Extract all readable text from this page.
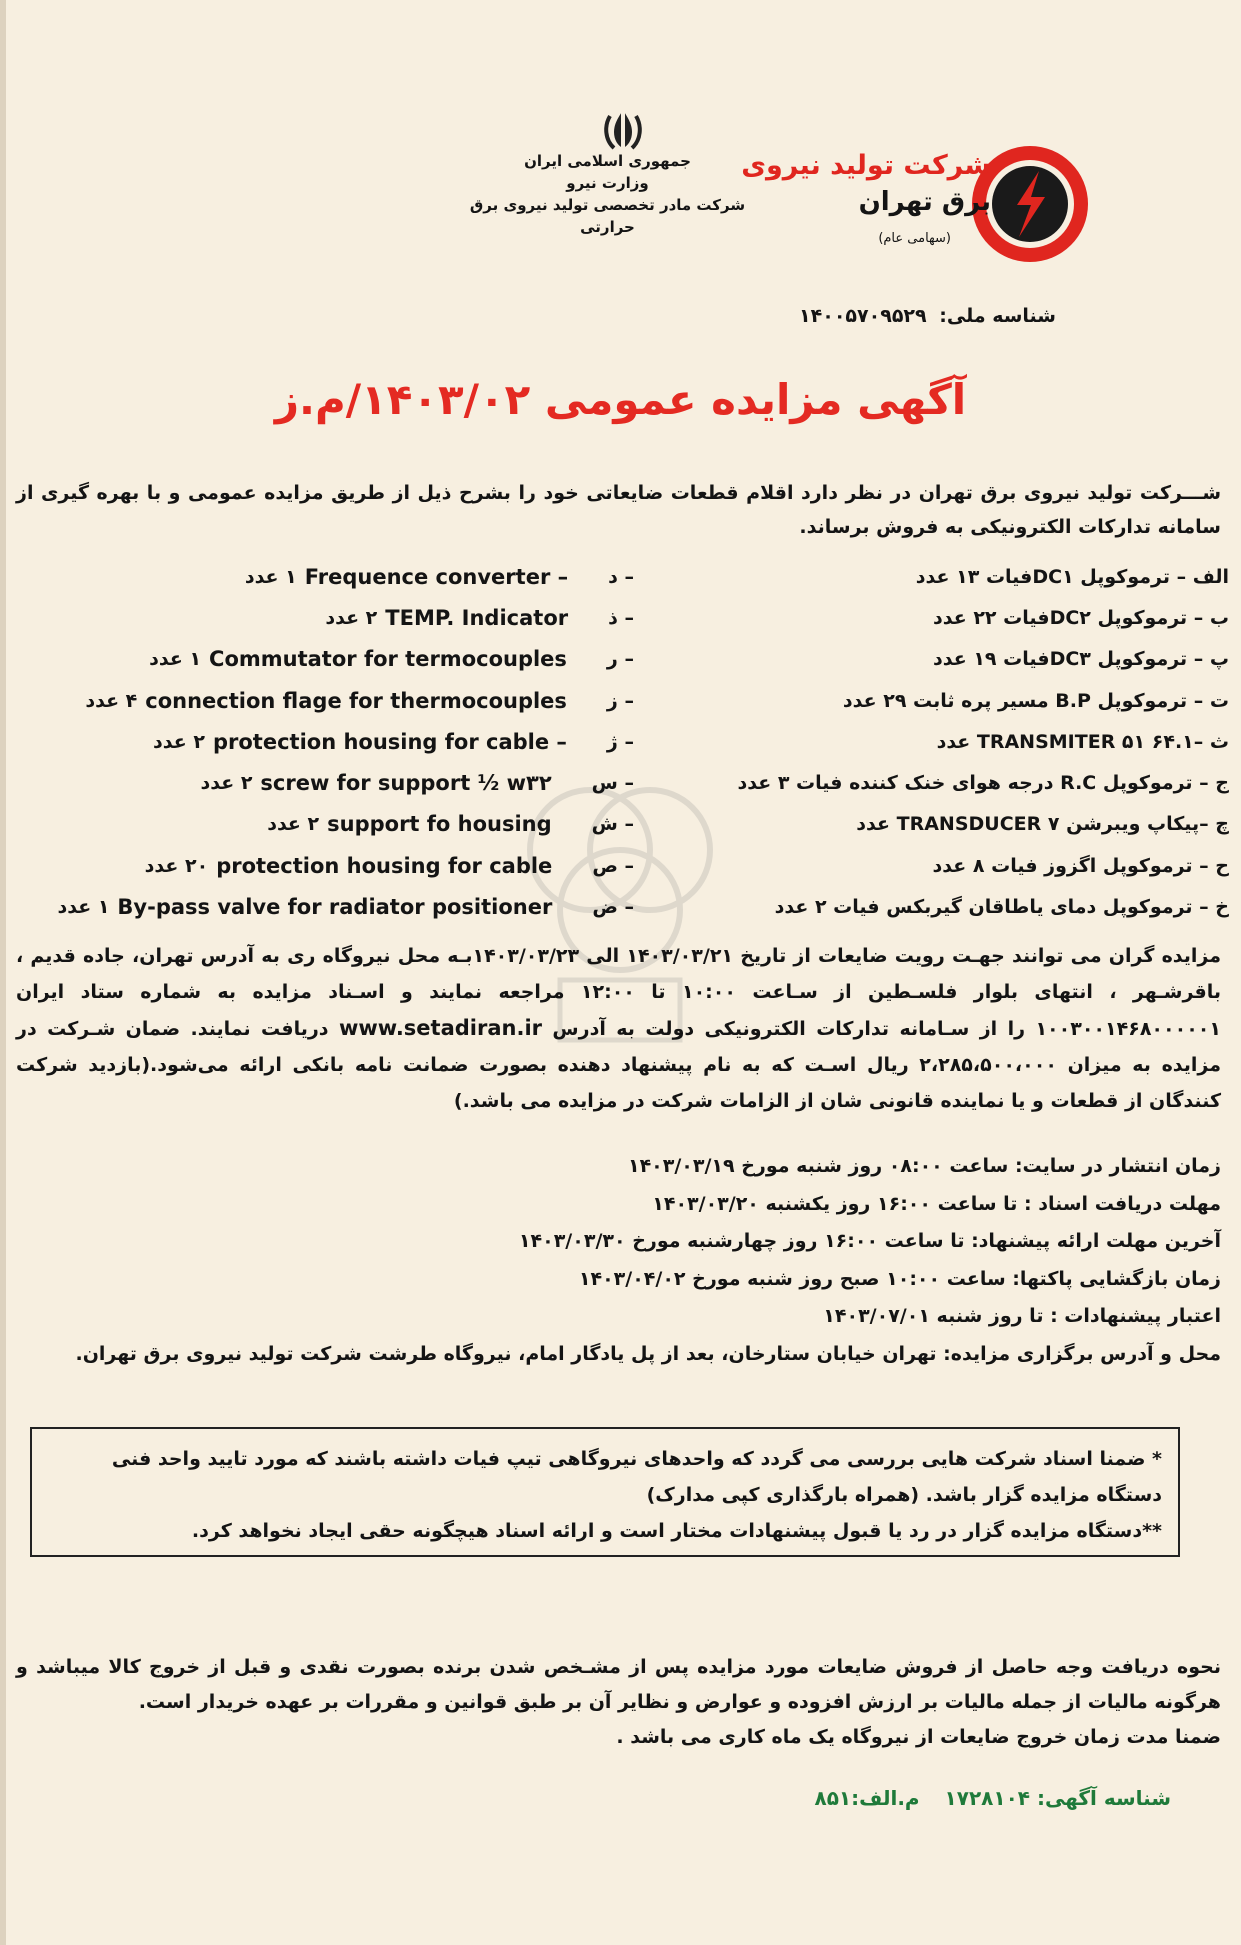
شرکت تولید نیروی
برق تهران
(سهامی عام)
جمهوری اسلامی ایران
وزارت نیرو
شرکت مادر تخصصی تولید نیروی برق حرارتی
شناسه ملی: ۱۴۰۰۵۷۰۹۵۲۹
آگهی مزایده عمومی ۱۴۰۳/۰۲/م.ز
شـــرکت تولید نیروی برق تهران در نظر دارد اقلام قطعات ضایعاتی خود را بشرح ذیل از طریق مزایده عمومی و با بهره گیری از سامانه تدارکات الکترونیکی به فروش برساند.
الف – ترموکوپل DC۱فیات ۱۳ عدد
ب – ترموکوپل DC۲فیات ۲۲ عدد
پ – ترموکوپل DC۳فیات ۱۹ عدد
ت – ترموکوپل B.P مسیر پره ثابت ۲۹ عدد
ث –۶۴.۱ TRANSMITER ۵۱ عدد
ج – ترموکوپل R.C درجه هوای خنک کننده فیات ۳ عدد
چ –پیکاپ ویبرشن TRANSDUCER ۷ عدد
ح – ترموکوپل اگزوز فیات ۸ عدد
خ – ترموکوپل دمای یاطاقان گیربکس فیات ۲ عدد
۱ عدد Frequence converter – د –
۲ عدد TEMP. Indicator ذ –
۱ عدد Commutator for termocouples ر –
۴ عدد connection flage for thermocouples ز –
۲ عدد protection housing for cable – ژ –
۲ عدد screw for support ½ w۳۲ س –
۲ عدد support fo housing ش –
۲۰ عدد protection housing for cable ص –
۱ عدد By-pass valve for radiator positioner ض –
مزایده گران می توانند جهـت رویت ضایعات از تاریخ ۱۴۰۳/۰۳/۲۱ الی ۱۴۰۳/۰۳/۲۳بـه محل نیروگاه ری به آدرس تهران، جاده قدیم ، باقرشـهر ، انتهای بلوار فلسـطین از سـاعت ۱۰:۰۰ تا ۱۲:۰۰ مراجعه نمایند و اسـناد مزایده به شماره ستاد ایران ۱۰۰۳۰۰۱۴۶۸۰۰۰۰۰۱ را از سـامانه تدارکات الکترونیکی دولت به آدرس www.setadiran.ir دریافت نمایند. ضمان شـرکت در مزایده به میزان ۲،۲۸۵،۵۰۰،۰۰۰ ریال اسـت که به نام پیشنهاد دهنده بصورت ضمانت نامه بانکی ارائه می‌شود.(بازدید شرکت کنندگان از قطعات و یا نماینده قانونی شان از الزامات شرکت در مزایده می باشد.)
زمان انتشار در سایت: ساعت ۰۸:۰۰ روز شنبه مورخ ۱۴۰۳/۰۳/۱۹
مهلت دریافت اسناد : تا ساعت ۱۶:۰۰ روز یکشنبه ۱۴۰۳/۰۳/۲۰
آخرین مهلت ارائه پیشنهاد: تا ساعت ۱۶:۰۰ روز چهارشنبه مورخ ۱۴۰۳/۰۳/۳۰
زمان بازگشایی پاکتها: ساعت ۱۰:۰۰ صبح روز شنبه مورخ ۱۴۰۳/۰۴/۰۲
اعتبار پیشنهادات : تا روز شنبه ۱۴۰۳/۰۷/۰۱
محل و آدرس برگزاری مزایده: تهران خیابان ستارخان، بعد از پل یادگار امام، نیروگاه طرشت شرکت تولید نیروی برق تهران.
* ضمنا اسناد شرکت هایی بررسی می گردد که واحدهای نیروگاهی تیپ فیات داشته باشند که مورد تایید واحد فنی دستگاه مزایده گزار باشد. (همراه بارگذاری کپی مدارک)
**دستگاه مزایده گزار در رد یا قبول پیشنهادات مختار است و ارائه اسناد هیچگونه حقی ایجاد نخواهد کرد.
نحوه دریافت وجه حاصل از فروش ضایعات مورد مزایده پس از مشـخص شدن برنده بصورت نقدی و قبل از خروج کالا میباشد و هرگونه مالیات از جمله مالیات بر ارزش افزوده و عوارض و نظایر آن بر طبق قوانین و مقررات بر عهده خریدار است.
ضمنا مدت زمان خروج ضایعات از نیروگاه یک ماه کاری می باشد .
شناسه آگهی: ۱۷۲۸۱۰۴ م.الف:۸۵۱
